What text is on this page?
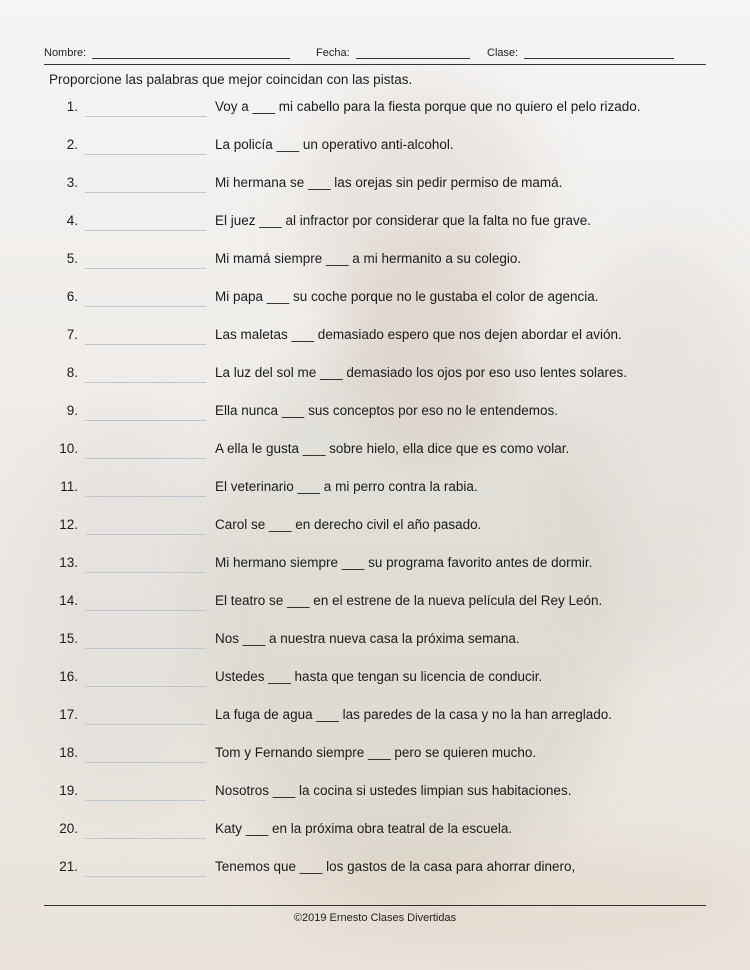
Nombre:	Fecha:	Clase:
Proporcione las palabras que mejor coincidan con las pistas.
1.	Voy a ___ mi cabello para la fiesta porque que no quiero el pelo rizado.
2.	La policía ___ un operativo anti-alcohol.
3.	Mi hermana se ___ las orejas sin pedir permiso de mamá.
4.	El juez ___ al infractor por considerar que la falta no fue grave.
5.	Mi mamá siempre ___ a mi hermanito a su colegio.
6.	Mi papa ___ su coche porque no le gustaba el color de agencia.
7.	Las maletas ___ demasiado espero que nos dejen abordar el avión.
8.	La luz del sol me ___ demasiado los ojos por eso uso lentes solares.
9.	Ella nunca ___ sus conceptos por eso no le entendemos.
10.	A ella le gusta ___ sobre hielo, ella dice que es como volar.
11.	El veterinario ___ a mi perro contra la rabia.
12.	Carol se ___ en derecho civil el año pasado.
13.	Mi hermano siempre ___ su programa favorito antes de dormir.
14.	El teatro se ___ en el estrene de la nueva película del Rey León.
15.	Nos ___ a nuestra nueva casa la próxima semana.
16.	Ustedes ___ hasta que tengan su licencia de conducir.
17.	La fuga de agua ___ las paredes de la casa y no la han arreglado.
18.	Tom y Fernando siempre ___ pero se quieren mucho.
19.	Nosotros ___ la cocina si ustedes limpian sus habitaciones.
20.	Katy ___ en la próxima obra teatral de la escuela.
21.	Tenemos que ___ los gastos de la casa para ahorrar dinero,
©2019 Ernesto Clases Divertidas
